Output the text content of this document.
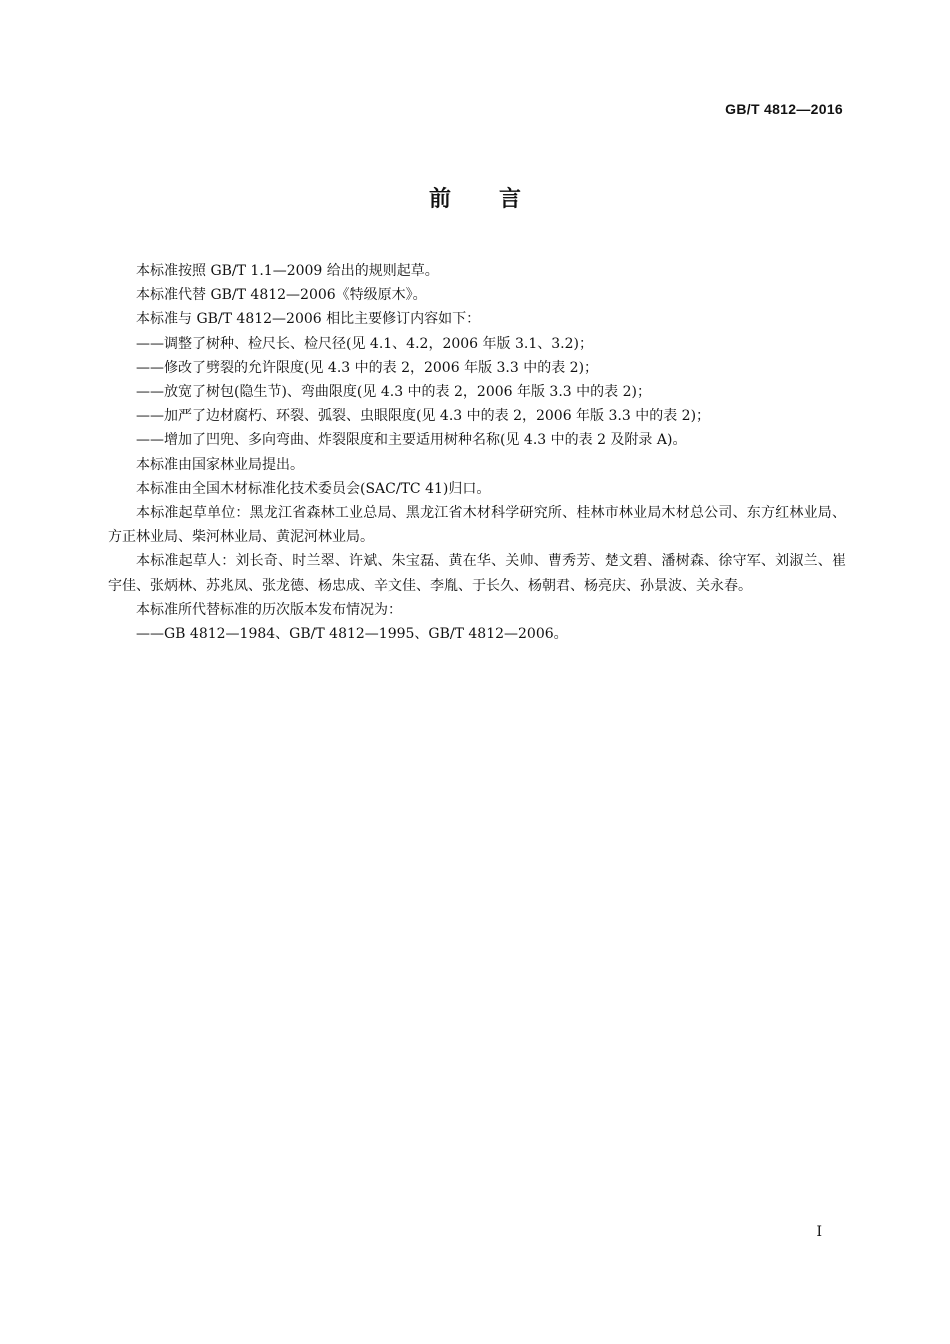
GB/T 4812—2016
前言

本标准按照 GB/T 1.1—2009 给出的规则起草。

本标准代替 GB/T 4812—2006《特级原木》。

本标准与 GB/T 4812—2006 相比主要修订内容如下：

——调整了树种、检尺长、检尺径(见 4.1、4.2，2006 年版 3.1、3.2)；

——修改了劈裂的允许限度(见 4.3 中的表 2，2006 年版 3.3 中的表 2)；

——放宽了树包(隐生节)、弯曲限度(见 4.3 中的表 2，2006 年版 3.3 中的表 2)；

——加严了边材腐朽、环裂、弧裂、虫眼限度(见 4.3 中的表 2，2006 年版 3.3 中的表 2)；

——增加了凹兜、多向弯曲、炸裂限度和主要适用树种名称(见 4.3 中的表 2 及附录 A)。

本标准由国家林业局提出。

本标准由全国木材标准化技术委员会(SAC/TC 41)归口。

本标准起草单位：黑龙江省森林工业总局、黑龙江省木材科学研究所、桂林市林业局木材总公司、东方红林业局、方正林业局、柴河林业局、黄泥河林业局。

本标准起草人：刘长奇、时兰翠、许斌、朱宝磊、黄在华、关帅、曹秀芳、楚文碧、潘树森、徐守军、刘淑兰、崔宇佳、张炳林、苏兆凤、张龙德、杨忠成、辛文佳、李胤、于长久、杨朝君、杨亮庆、孙景波、关永春。

本标准所代替标准的历次版本发布情况为：

——GB 4812—1984、GB/T 4812—1995、GB/T 4812—2006。

I
